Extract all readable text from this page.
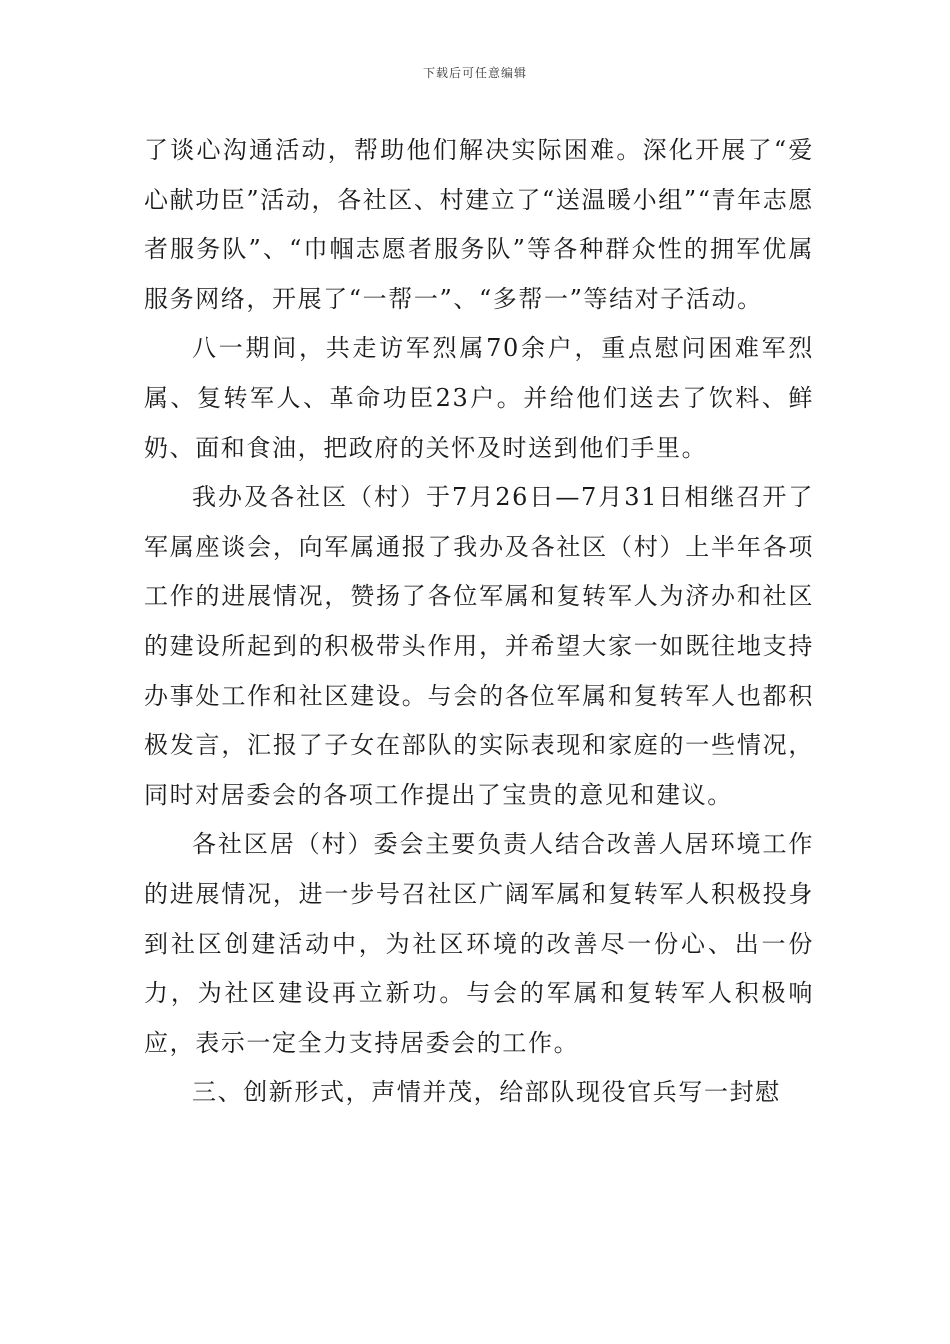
下载后可任意编辑

了谈心沟通活动，帮助他们解决实际困难。深化开展了“爱心献功臣”活动，各社区、村建立了“送温暖小组”“青年志愿者服务队”、“巾帼志愿者服务队”等各种群众性的拥军优属服务网络，开展了“一帮一”、“多帮一”等结对子活动。

八一期间，共走访军烈属70余户，重点慰问困难军烈属、复转军人、革命功臣23户。并给他们送去了饮料、鲜奶、面和食油，把政府的关怀及时送到他们手里。

我办及各社区（村）于7月26日—7月31日相继召开了军属座谈会，向军属通报了我办及各社区（村）上半年各项工作的进展情况，赞扬了各位军属和复转军人为济办和社区的建设所起到的积极带头作用，并希望大家一如既往地支持办事处工作和社区建设。与会的各位军属和复转军人也都积极发言，汇报了子女在部队的实际表现和家庭的一些情况，同时对居委会的各项工作提出了宝贵的意见和建议。

各社区居（村）委会主要负责人结合改善人居环境工作的进展情况，进一步号召社区广阔军属和复转军人积极投身到社区创建活动中，为社区环境的改善尽一份心、出一份力，为社区建设再立新功。与会的军属和复转军人积极响应，表示一定全力支持居委会的工作。

三、创新形式，声情并茂，给部队现役官兵写一封慰
